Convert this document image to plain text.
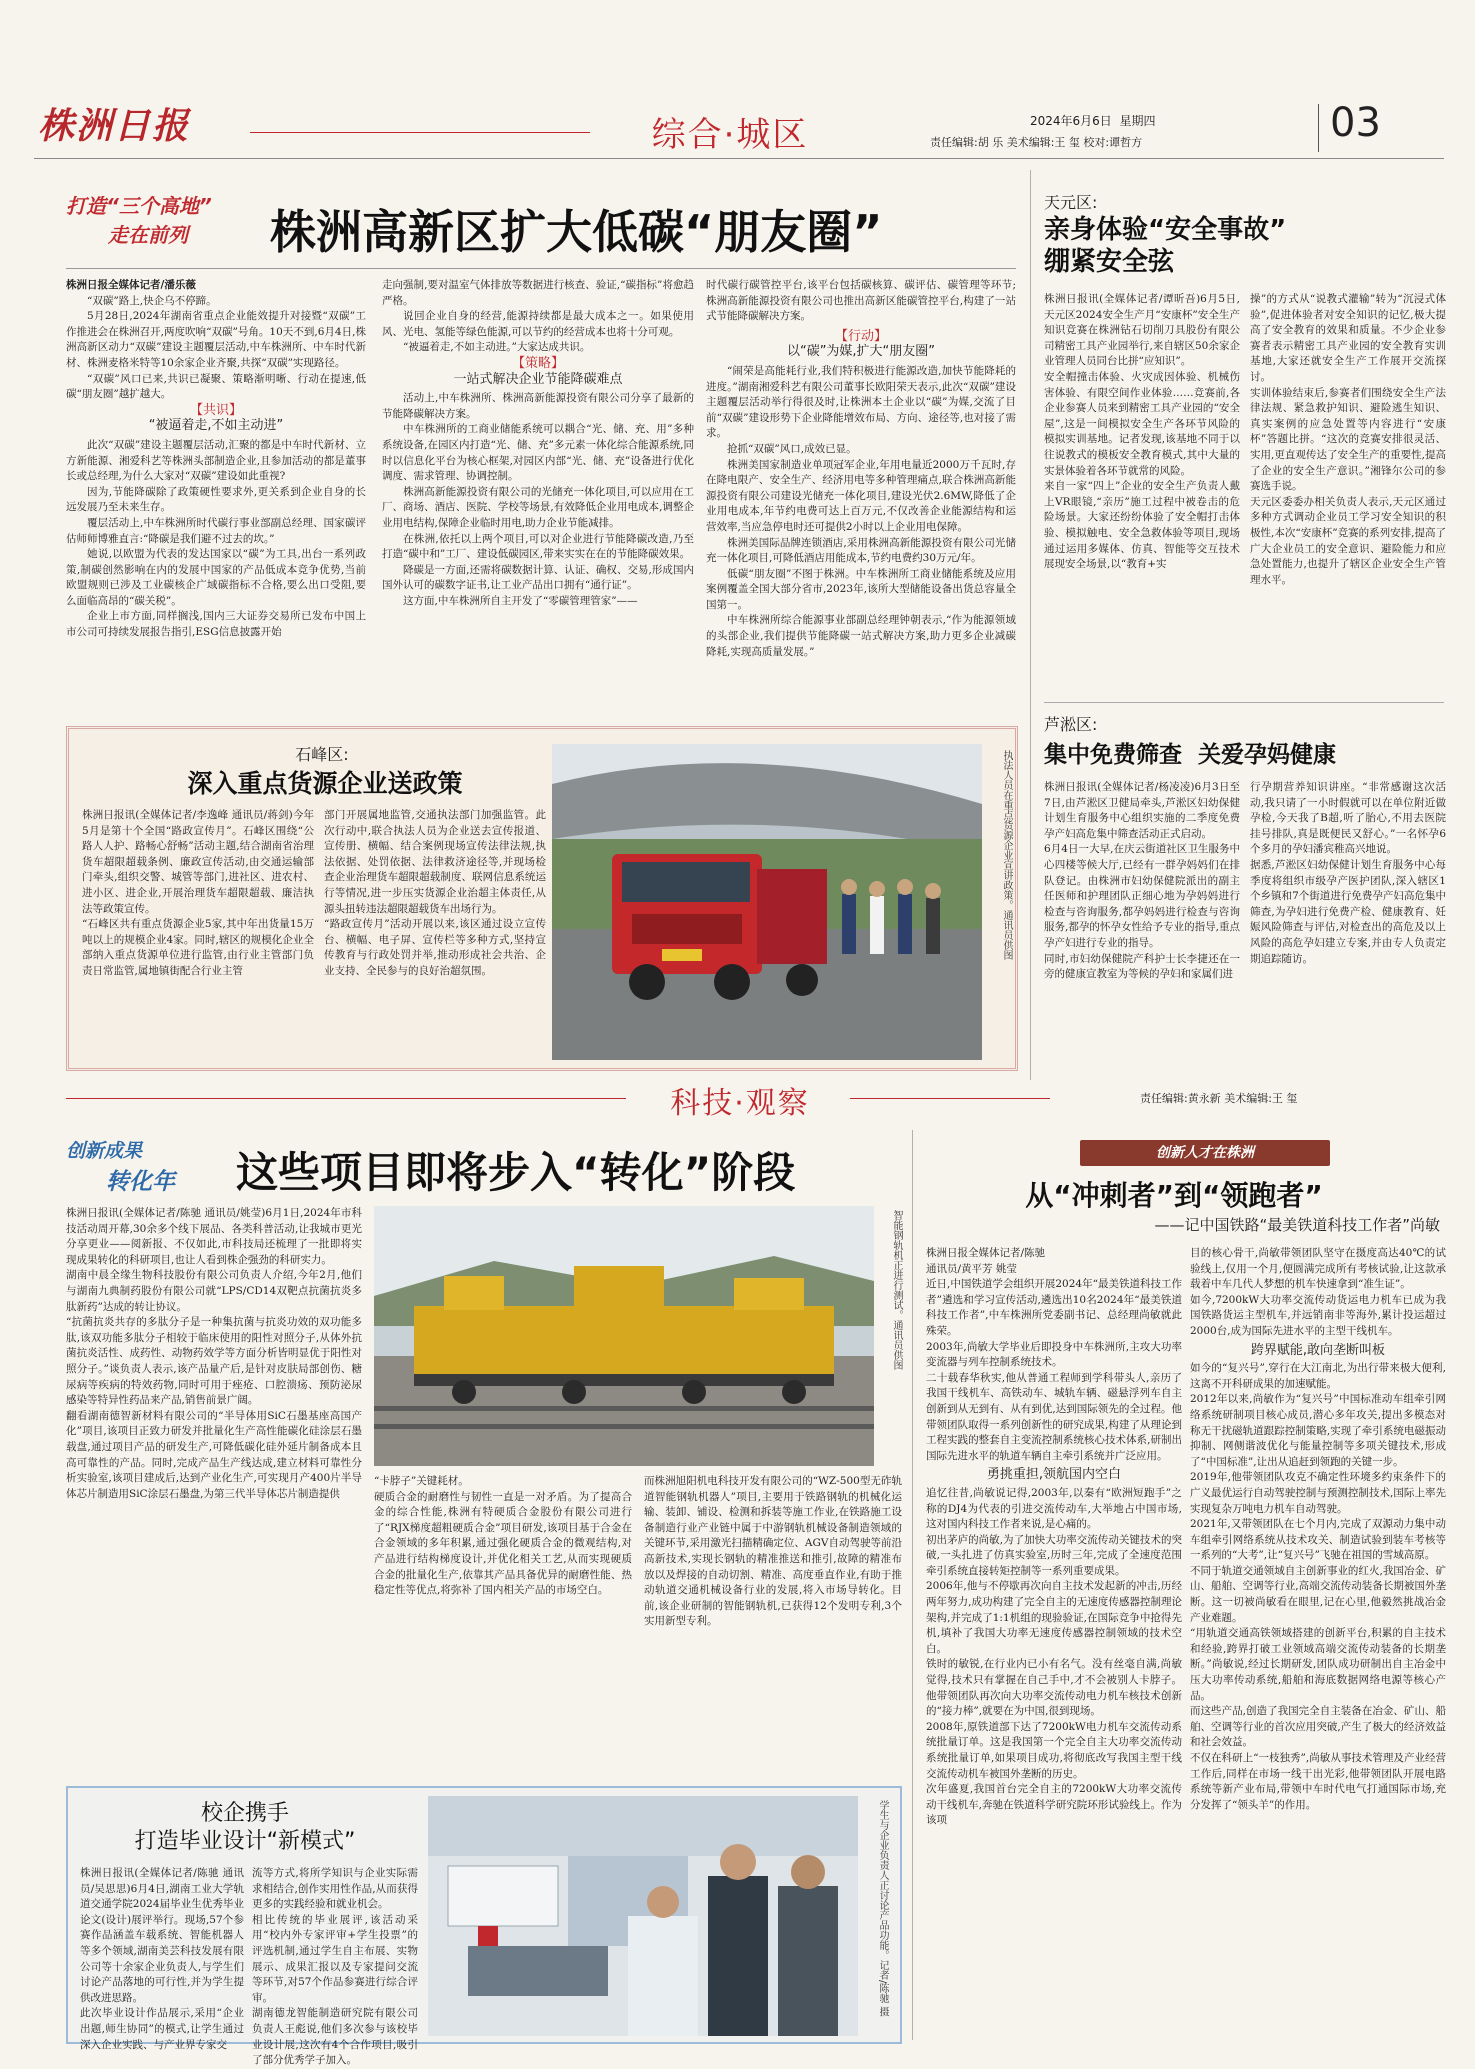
株洲日报	综合·城区	2024年6月6日 星期四
责任编辑:胡 乐 美术编辑:王 玺 校对:谭哲方	03
打造“三个高地”
走在前列	株洲高新区扩大低碳“朋友圈”
株洲日报全媒体记者/潘乐薇

“双碳”路上,快企乌不停蹄。

5月28日,2024年湖南省重点企业能效提升对接暨“双碳”工作推进会在株洲召开,两度吹响“双碳”号角。10天不到,6月4日,株洲高新区动力“双碳”建设主题覆层活动,中车株洲所、中车时代新材、株洲麦格米特等10余家企业齐聚,共探“双碳”实现路径。

“双碳”风口已来,共识已凝聚、策略渐明晰、行动在提速,低碳“朋友圈”越扩越大。

【共识】
“被逼着走,不如主动进”

此次“双碳”建设主题覆层活动,汇聚的都是中车时代新材、立方新能源、湘爱科艺等株洲头部制造企业,且参加活动的都是董事长或总经理,为什么大家对“双碳”建设如此重视?

因为,节能降碳除了政策硬性要求外,更关系到企业自身的长远发展乃至未来生存。

覆层活动上,中车株洲所时代碳行事业部副总经理、国家碳评估师师博雅直言:“降碳是我们避不过去的坎。”

她说,以欧盟为代表的发达国家以“碳”为工具,出台一系列政策,制碳创然影响在内的发展中国家的产品低成本竞争优势,当前欧盟规则已涉及工业碳核企广域碳指标不合格,要么出口受阻,要么面临高昂的“碳关税”。

企业上市方面,同样搁浅,国内三大证券交易所已发布中国上市公司可持续发展报告指引,ESG信息披露开始

走向强制,要对温室气体排放等数据进行核查、验证,“碳指标”将愈趋严格。

说回企业自身的经营,能源持续都是最大成本之一。如果使用风、光电、氢能等绿色能源,可以节约的经营成本也将十分可观。

“被逼着走,不如主动进。”大家达成共识。

【策略】
一站式解决企业节能降碳难点

活动上,中车株洲所、株洲高新能源投资有限公司分享了最新的节能降碳解决方案。

中车株洲所的工商业储能系统可以耦合“光、储、充、用”多种系统设备,在园区内打造“光、储、充”多元素一体化综合能源系统,同时以信息化平台为核心框架,对园区内部“光、储、充”设备进行优化调度、需求管理、协调控制。

株洲高新能源投资有限公司的光储充一体化项目,可以应用在工厂、商场、酒店、医院、学校等场景,有效降低企业用电成本,调整企业用电结构,保障企业临时用电,助力企业节能减排。

在株洲,依托以上两个项目,可以对企业进行节能降碳改造,乃至打造“碳中和”工厂、建设低碳园区,带来实实在在的节能降碳效果。

降碳是一方面,还需将碳数据计算、认证、确权、交易,形成国内国外认可的碳数字证书,让工业产品出口拥有“通行证”。

这方面,中车株洲所自主开发了“零碳管理管家”——

时代碳行碳管控平台,该平台包括碳核算、碳评估、碳管理等环节;株洲高新能源投资有限公司也推出高新区能碳管控平台,构建了一站式节能降碳解决方案。

【行动】
以“碳”为媒,扩大“朋友圈”

“闹荣是高能耗行业,我们特积极进行能源改造,加快节能降耗的进度。”湖南湘爱科艺有限公司董事长欧阳荣天表示,此次“双碳”建设主题覆层活动举行得很及时,让株洲本土企业以“碳”为媒,交流了目前“双碳”建设形势下企业降能增效布局、方向、途径等,也对接了需求。

抢抓“双碳”风口,成效已显。

株洲美国家制造业单项冠军企业,年用电量近2000万千瓦时,存在降电限产、安全生产、经济用电等多种管理痛点,联合株洲高新能源投资有限公司建设光储充一体化项目,建设光伏2.6MW,降低了企业用电成本,年节约电费可达上百万元,不仅改善企业能源结构和运营效率,当应急停电时还可提供2小时以上企业用电保障。

株洲美国际品牌连锁酒店,采用株洲高新能源投资有限公司光储充一体化项目,可降低酒店用能成本,节约电费约30万元/年。

低碳“朋友圈”不图于株洲。中车株洲所工商业储能系统及应用案例覆盖全国大部分省市,2023年,该所大型储能设备出货总容量全国第一。

中车株洲所综合能源事业部副总经理钟朝表示,“作为能源领域的头部企业,我们提供节能降碳一站式解决方案,助力更多企业减碳降耗,实现高质量发展。”

天元区:
亲身体验“安全事故”
绷紧安全弦
株洲日报讯(全媒体记者/谭昕吾)6月5日,天元区2024安全生产月“安康杯”安全生产知识竞赛在株洲钻石切削刀具股份有限公司精密工具产业园举行,来自辖区50余家企业管理人员同台比拼“应知识”。
安全帽撞击体验、火灾成因体验、机械伤害体验、有限空间作业体验……竞赛前,各企业参赛人员来到精密工具产业园的“安全屋”,这是一间模拟安全生产各环节风险的模拟实训基地。记者发现,该基地不同于以往说教式的模板安全教育模式,其中大量的实景体验着各环节就常的风险。
来自一家“四上”企业的安全生产负责人戴上VR眼镜,“亲历”施工过程中被卷击的危险场景。大家还纷纷体验了安全帽打击体验、模拟触电、安全急救体验等项目,现场通过运用多媒体、仿真、智能等交互技术展现安全场景,以“教育+实
操”的方式从“说教式灌输”转为“沉浸式体验”,促进体验者对安全知识的记忆,极大提高了安全教育的效果和质量。不少企业参赛者表示精密工具产业园的安全教育实训基地,大家还就安全生产工作展开交流探讨。
实训体验结束后,参赛者们围绕安全生产法律法规、紧急救护知识、避险逃生知识、真实案例的应急处置等内容进行“安康杯”答题比拼。“这次的竞赛安排很灵活、实用,更直观传达了安全生产的重要性,提高了企业的安全生产意识。”湘锋尔公司的参赛选手说。
天元区委委办相关负责人表示,天元区通过多种方式调动企业员工学习安全知识的积极性,本次“安康杯”竞赛的系列安排,提高了广大企业员工的安全意识、避险能力和应急处置能力,也提升了辖区企业安全生产管理水平。
芦淞区:
集中免费筛查  关爱孕妈健康
株洲日报讯(全媒体记者/杨凌凌)6月3日至7日,由芦淞区卫健局牵头,芦淞区妇幼保健计划生育服务中心组织实施的二季度免费孕产妇高危集中筛查活动正式启动。
6月4日一大早,在庆云街道社区卫生服务中心四楼等候大厅,已经有一群孕妈妈们在排队登记。由株洲市妇幼保健院派出的副主任医师和护理团队正细心地为孕妈妈进行检查与咨询服务,都孕妈妈进行检查与咨询服务,都孕的怀孕女性给予专业的指导,重点孕产妇进行专业的指导。
同时,市妇幼保健院产科护士长李捷还在一旁的健康宣教室为等候的孕妇和家属们进
行孕期营养知识讲座。“非常感谢这次活动,我只请了一小时假就可以在单位附近做孕检,今天我了B超,听了胎心,不用去医院挂号排队,真是既便民又舒心。”一名怀孕6个多月的孕妇潘宾稚高兴地说。
据悉,芦淞区妇幼保健计划生育服务中心每季度将组织市级孕产医护团队,深入辖区1个乡镇和7个街道进行免费孕产妇高危集中筛查,为孕妇进行免费产检、健康教育、妊娠风险筛查与评估,对检查出的高危及以上风险的高危孕妇建立专案,并由专人负责定期追踪随访。
石峰区:
深入重点货源企业送政策
株洲日报讯(全媒体记者/李逸峰 通讯员/蒋剑)今年5月是第十个全国“路政宣传月”。石峰区围绕“公路人人护、路畅心舒畅”活动主题,结合湖南省治理货车超限超载条例、廉政宣传活动,由交通运输部门牵头,组织交警、城管等部门,进社区、进农村、进小区、进企业,开展治理货车超限超载、廉洁执法等政策宣传。
“石峰区共有重点货源企业5家,其中年出货量15万吨以上的规模企业4家。同时,辖区的规模化企业全部纳入重点货源单位进行监管,由行业主管部门负责日常监管,属地镇街配合行业主管
部门开展属地监管,交通执法部门加强监管。此次行动中,联合执法人员为企业送去宣传报道、宣传册、横幅、结合案例现场宣传法律法规,执法依据、处罚依据、法律救济途径等,并现场检查企业治理货车超限超载制度、联网信息系统运行等情况,进一步压实货源企业治超主体责任,从源头扭转违法超限超载货车出场行为。
“路政宣传月”活动开展以来,该区通过设立宣传台、横幅、电子屏、宣传栏等多种方式,坚持宣传教育与行政处罚并举,推动形成社会共治、企业支持、全民参与的良好治超氛围。
执法人员在重点货源企业宣讲政策。通讯员供图
科技·观察	责任编辑:黄永新 美术编辑:王 玺
创新成果
转化年	这些项目即将步入“转化”阶段
株洲日报讯(全媒体记者/陈驰 通讯员/姚莹)6月1日,2024年市科技活动周开幕,30余多个线下展品、各类科普活动,让我城市更光分享更业——阅新报、不仅如此,市科技局还梳理了一批即将实现成果转化的科研项目,也让人看到株企强劲的科研实力。
湖南中晨全缘生物科技股份有限公司负责人介绍,今年2月,他们与湖南九典制药股份有限公司就“LPS/CD14双靶点抗菌抗炎多肽新药”达成的转让协议。
“抗菌抗炎共存的多肽分子是一种集抗菌与抗炎功效的双功能多肽,该双功能多肽分子相较于临床使用的阳性对照分子,从体外抗菌抗炎活性、成药性、动物药效学等方面分析皆明显优于阳性对照分子。”谈负责人表示,该产品量产后,是针对皮肤局部创伤、糖尿病等疾病的特效药物,同时可用于痤疮、口腔溃疡、预防泌尿感染等特异性药品来产品,销售前景广阔。
翻看湖南德智新材料有限公司的“半导体用SiC石墨基座高国产化”项目,该项目正致力研发并批量化生产高性能碳化硅涂层石墨载盘,通过项目产品的研发生产,可降低碳化硅外延片制备成本且高可靠性的产品。同时,完成产品生产线达成,建立材料可靠性分析实验室,该项目建成后,达到产业化生产,可实现月产400片半导体芯片制造用SiC涂层石墨盘,为第三代半导体芯片制造提供
智能钢轨机正进行测试。通讯员供图
“卡脖子”关键耗材。
硬质合金的耐磨性与韧性一直是一对矛盾。为了提高合金的综合性能,株洲有特硬质合金股份有限公司进行了“RJX梯度超粗硬质合金”项目研发,该项目基于合金在合金领域的多年积累,通过强化硬质合金的微观结构,对产品进行结构梯度设计,并优化相关工艺,从而实现硬质合金的批量化生产,依靠其产品具备优异的耐磨性能、热稳定性等优点,将弥补了国内相关产品的市场空白。
而株洲旭阳机电科技开发有限公司的“WZ-500型无砟轨道智能钢轨机器人”项目,主要用于铁路钢轨的机械化运输、装卸、铺设、检测和拆装等施工作业,在铁路施工设备制造行业产业链中属于中游钢轨机械设备制造领域的关键环节,采用激光扫描精确定位、AGV自动驾驶等前沿高新技术,实现长钢轨的精准推送和推引,故障的精准布放以及焊接的自动切割、精准、高度垂直作业,有助于推动轨道交通机械设备行业的发展,将入市场导转化。目前,该企业研制的智能钢轨机,已获得12个发明专利,3个实用新型专利。
创新人才在株洲
从“冲刺者”到“领跑者”
——记中国铁路“最美铁道科技工作者”尚敏
株洲日报全媒体记者/陈驰
通讯员/黄平芳 姚莹
近日,中国铁道学会组织开展2024年“最美铁道科技工作者”遴选和学习宣传活动,遴选出10名2024年“最美铁道科技工作者”,中车株洲所党委副书记、总经理尚敏就此殊荣。
2003年,尚敏大学毕业后即投身中车株洲所,主攻大功率变流器与列车控制系统技术。
二十载春华秋实,他从普通工程师到学科带头人,亲历了我国干线机车、高铁动车、城轨车辆、磁悬浮列车自主创新到从无到有、从有到优,达到国际领先的全过程。他带领团队取得一系列创新性的研究成果,构建了从理论到工程实践的整套自主变流控制系统核心技术体系,研制出国际先进水平的轨道车辆自主牵引系统并广泛应用。
勇挑重担,领航国内空白
追忆往昔,尚敏说记得,2003年,以秦有“欧洲短跑手”之称的DJ4为代表的引进交流传动车,大举地占中国市场,这对国内科技工作者来说,是心痛的。
初出茅庐的尚敏,为了加快大功率交流传动关键技术的突破,一头扎进了仿真实验室,历时三年,完成了全速度范围牵引系统直接转矩控制等一系列重要成果。
2006年,他与不停歇再次向自主技术发起新的冲击,历经两年努力,成功构建了完全自主的无速度传感器控制理论架构,并完成了1:1机组的现验验证,在国际竞争中抢得先机,填补了我国大功率无速度传感器控制领域的技术空白。
铁时的敏锐,在行业内已小有名气。没有丝毫自满,尚敏觉得,技术只有掌握在自己手中,才不会被别人卡脖子。他带领团队再次向大功率交流传动电力机车核技术创新的“接力棒”,就要在为中国,很到现场。
2008年,原铁道部下达了7200kW电力机车交流传动系统批量订单。这是我国第一个完全自主大功率交流传动系统批量订单,如果项目成功,将彻底改写我国主型干线交流传动机车被国外垄断的历史。
次年盛夏,我国首台完全自主的7200kW大功率交流传动干线机车,奔驰在铁道科学研究院环形试验线上。作为该项
目的核心骨干,尚敏带领团队坚守在摄度高达40℃的试验线上,仅用一个月,便圆满完成所有考核试验,让这款承载着中车几代人梦想的机车快速拿到“准生证”。
如今,7200kW大功率交流传动货运电力机车已成为我国铁路货运主型机车,并远销南非等海外,累计投运超过2000台,成为国际先进水平的主型干线机车。
跨界赋能,敢向垄断叫板
如今的“复兴号”,穿行在大江南北,为出行带来极大便利,这离不开科研成果的加速赋能。
2012年以来,尚敏作为“复兴号”中国标准动车组牵引网络系统研制项目核心成员,潜心多年攻关,提出多模态对称无干扰磁轨道跟踪控制策略,实现了牵引系统电磁振动抑制、网侧谐波优化与能量控制等多项关键技术,形成了“中国标准”,让出从追赶到领跑的关键一步。
2019年,他带领团队攻克不确定性环境多约束条件下的广义最优运行自动驾驶控制与预测控制技术,国际上率先实现复杂万吨电力机车自动驾驶。
2021年,又带领团队在七个月内,完成了双源动力集中动车组牵引网络系统从技术攻关、制造试验到装车考核等一系列的“大考”,让“复兴号”飞驰在祖国的雪域高原。
不同于轨道交通领域自主创新事业的红火,我国冶金、矿山、船舶、空调等行业,高端交流传动装备长期被国外垄断。这一切被尚敏看在眼里,记在心里,他毅然挑战冶金产业难题。
“用轨道交通高铁领域搭建的创新平台,积累的自主技术和经验,跨界打破工业领域高端交流传动装备的长期垄断。”尚敏说,经过长期研发,团队成功研制出自主冶金中压大功率传动系统,船舶和海底数据网络电源等核心产品。
而这些产品,创造了我国完全自主装备在冶金、矿山、船舶、空调等行业的首次应用突破,产生了极大的经济效益和社会效益。
不仅在科研上“一枝独秀”,尚敏从事技术管理及产业经营工作后,同样在市场一线干出光彩,他带领团队开展电路系统等新产业布局,带领中车时代电气打通国际市场,充分发挥了“领头羊”的作用。
校企携手
打造毕业设计“新模式”
株洲日报讯(全媒体记者/陈驰 通讯员/吴思思)6月4日,湖南工业大学轨道交通学院2024届毕业生优秀毕业论文(设计)展评举行。现场,57个参赛作品涵盖车载系统、智能机器人等多个领域,湖南美芸科技发展有限公司等十余家企业负责人,与学生们讨论产品落地的可行性,并为学生提供改进思路。
此次毕业设计作品展示,采用“企业出题,师生协同”的模式,让学生通过深入企业实践、与产业界专家交
流等方式,将所学知识与企业实际需求相结合,创作实用性作品,从而获得更多的实践经验和就业机会。
相比传统的毕业展评,该活动采用“校内外专家评审+学生投票”的评选机制,通过学生自主布展、实物展示、成果汇报以及专家提问交流等环节,对57个作品参赛进行综合评审。
湖南德龙智能制造研究院有限公司负责人王彪说,他们多次参与该校毕业设计展,这次有4个合作项目,吸引了部分优秀学子加入。
学生与企业负责人正讨论产品功能。记者/陈驰 摄
